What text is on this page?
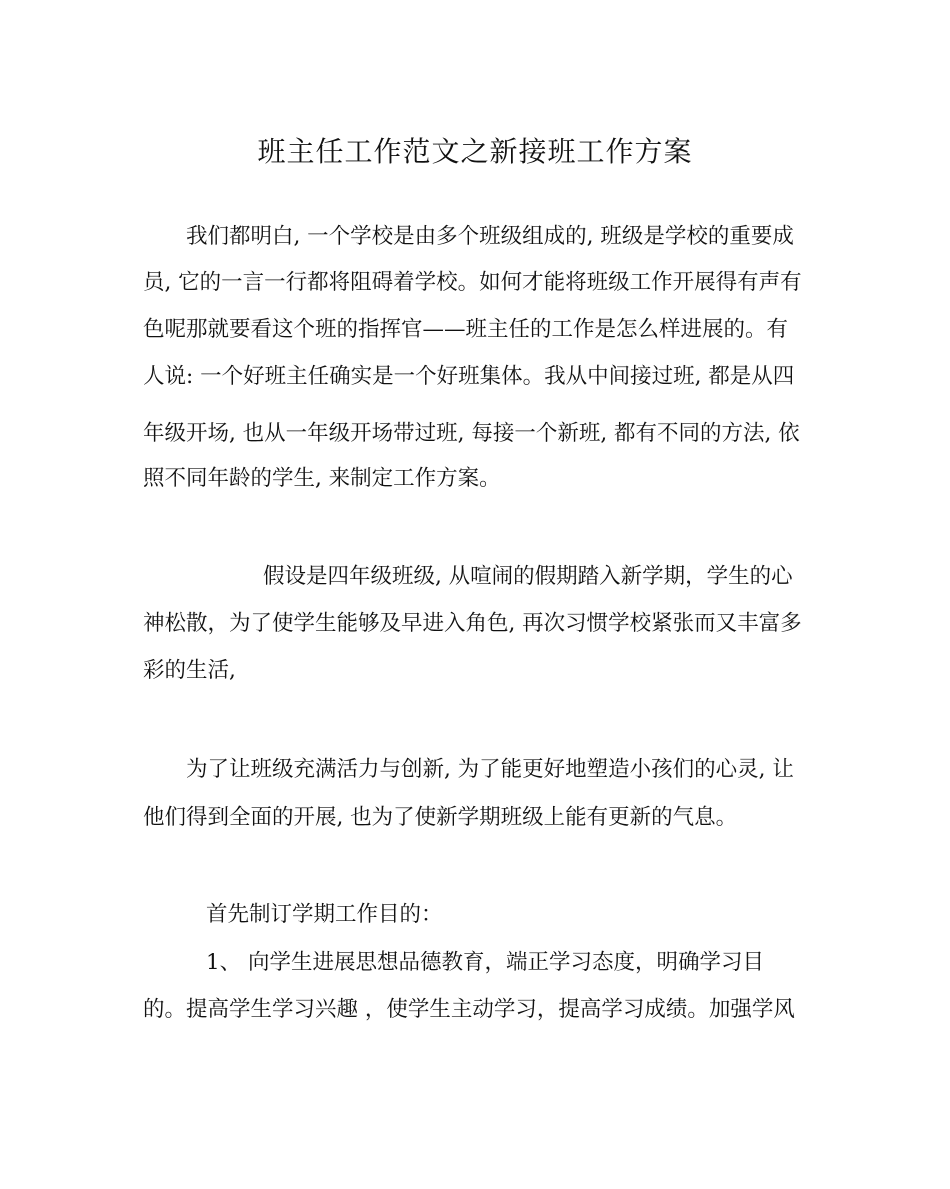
班主任工作范文之新接班工作方案
我们都明白, 一个学校是由多个班级组成的, 班级是学校的重要成
员, 它的一言一行都将阻碍着学校。如何才能将班级工作开展得有声有
色呢那就要看这个班的指挥官——班主任的工作是怎么样进展的。有
人说: 一个好班主任确实是一个好班集体。我从中间接过班, 都是从四
年级开场, 也从一年级开场带过班, 每接一个新班, 都有不同的方法, 依
照不同年龄的学生, 来制定工作方案。
假设是四年级班级, 从喧闹的假期踏入新学期，学生的心
神松散，为了使学生能够及早进入角色, 再次习惯学校紧张而又丰富多
彩的生活,
为了让班级充满活力与创新, 为了能更好地塑造小孩们的心灵, 让
他们得到全面的开展, 也为了使新学期班级上能有更新的气息。
首先制订学期工作目的：
1、 向学生进展思想品德教育，端正学习态度，明确学习目
的。提高学生学习兴趣 ，使学生主动学习，提高学习成绩。加强学风
